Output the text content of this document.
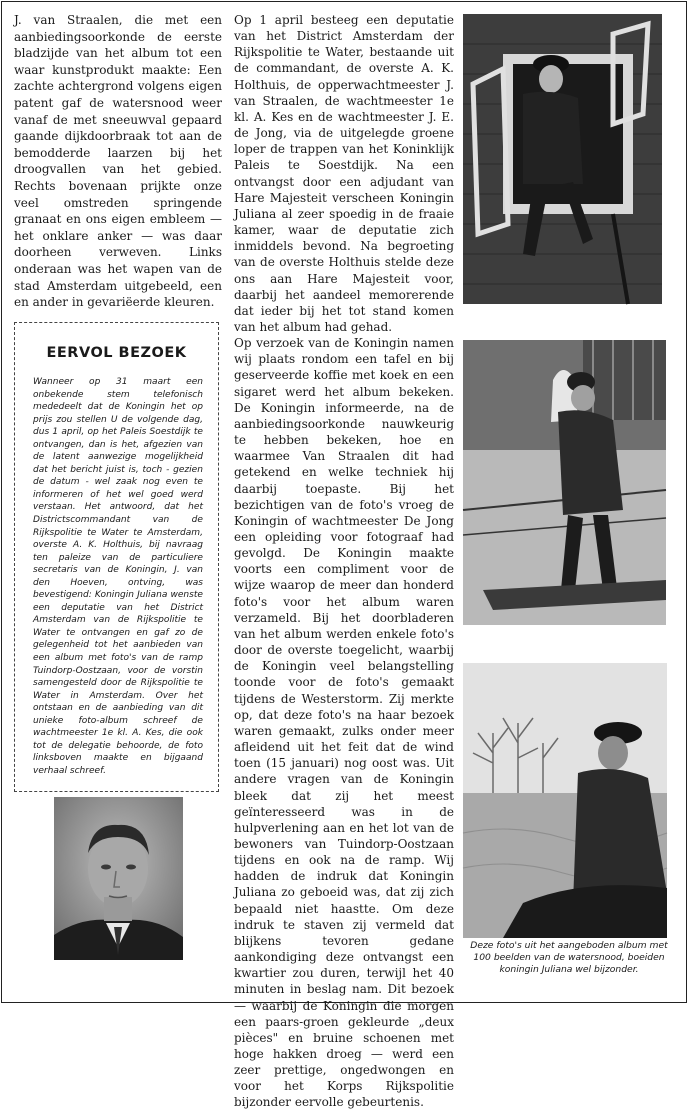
J. van Straalen, die met een aanbiedingsoorkonde de eerste bladzijde van het album tot een waar kunstprodukt maakte: Een zachte achtergrond volgens eigen patent gaf de watersnood weer vanaf de met sneeuwval gepaard gaande dijkdoorbraak tot aan de bemodderde laarzen bij het droogvallen van het gebied. Rechts bovenaan prijkte onze veel omstreden springende granaat en ons eigen embleem — het onklare anker — was daar doorheen verweven. Links onderaan was het wapen van de stad Amsterdam uitgebeeld, een en ander in gevariëerde kleuren.

EERVOL BEZOEK
Wanneer op 31 maart een onbekende stem telefonisch mededeelt dat de Koningin het op prijs zou stellen U de volgende dag, dus 1 april, op het Paleis Soestdijk te ontvangen, dan is het, afgezien van de latent aanwezige mogelijkheid dat het bericht juist is, toch - gezien de datum - wel zaak nog even te informeren of het wel goed werd verstaan. Het antwoord, dat het Districtscommandant van de Rijkspolitie te Water te Amsterdam, overste A. K. Holthuis, bij navraag ten paleize van de particuliere secretaris van de Koningin, J. van den Hoeven, ontving, was bevestigend: Koningin Juliana wenste een deputatie van het District Amsterdam van de Rijkspolitie te Water te ontvangen en gaf zo de gelegenheid tot het aanbieden van een album met foto's van de ramp Tuindorp-Oostzaan, voor de vorstin samengesteld door de Rijkspolitie te Water in Amsterdam. Over het ontstaan en de aanbieding van dit unieke foto-album schreef de wachtmeester 1e kl. A. Kes, die ook tot de delegatie behoorde, de foto linksboven maakte en bijgaand verhaal schreef.

Op 1 april besteeg een deputatie van het District Amsterdam der Rijkspolitie te Water, bestaande uit de commandant, de overste A. K. Holthuis, de opperwachtmeester J. van Straalen, de wachtmeester 1e kl. A. Kes en de wachtmeester J. E. de Jong, via de uitgelegde groene loper de trappen van het Koninklijk Paleis te Soestdijk. Na een ontvangst door een adjudant van Hare Majesteit verscheen Koningin Juliana al zeer spoedig in de fraaie kamer, waar de deputatie zich inmiddels bevond. Na begroeting van de overste Holthuis stelde deze ons aan Hare Majesteit voor, daarbij het aandeel memorerende dat ieder bij het tot stand komen van het album had gehad.

Op verzoek van de Koningin namen wij plaats rondom een tafel en bij geserveerde koffie met koek en een sigaret werd het album bekeken. De Koningin informeerde, na de aanbiedingsoorkonde nauwkeurig te hebben bekeken, hoe en waarmee Van Straalen dit had getekend en welke techniek hij daarbij toepaste. Bij het bezichtigen van de foto's vroeg de Koningin of wachtmeester De Jong een opleiding voor fotograaf had gevolgd. De Koningin maakte voorts een compliment voor de wijze waarop de meer dan honderd foto's voor het album waren verzameld. Bij het doorbladeren van het album werden enkele foto's door de overste toegelicht, waarbij de Koningin veel belangstelling toonde voor de foto's gemaakt tijdens de Westerstorm. Zij merkte op, dat deze foto's na haar bezoek waren gemaakt, zulks onder meer afleidend uit het feit dat de wind toen (15 januari) nog oost was. Uit andere vragen van de Koningin bleek dat zij het meest geïnteresseerd was in de hulpverlening aan en het lot van de bewoners van Tuindorp-Oostzaan tijdens en ook na de ramp. Wij hadden de indruk dat Koningin Juliana zo geboeid was, dat zij zich bepaald niet haastte. Om deze indruk te staven zij vermeld dat blijkens tevoren gedane aankondiging deze ontvangst een kwartier zou duren, terwijl het 40 minuten in beslag nam. Dit bezoek — waarbij de Koningin die morgen een paars-groen gekleurde „deux pièces" en bruine schoenen met hoge hakken droeg — werd een zeer prettige, ongedwongen en voor het Korps Rijkspolitie bijzonder eervolle gebeurtenis.

Deze foto's uit het aangeboden album met 100 beelden van de watersnood, boeiden koningin Juliana wel bijzonder.
